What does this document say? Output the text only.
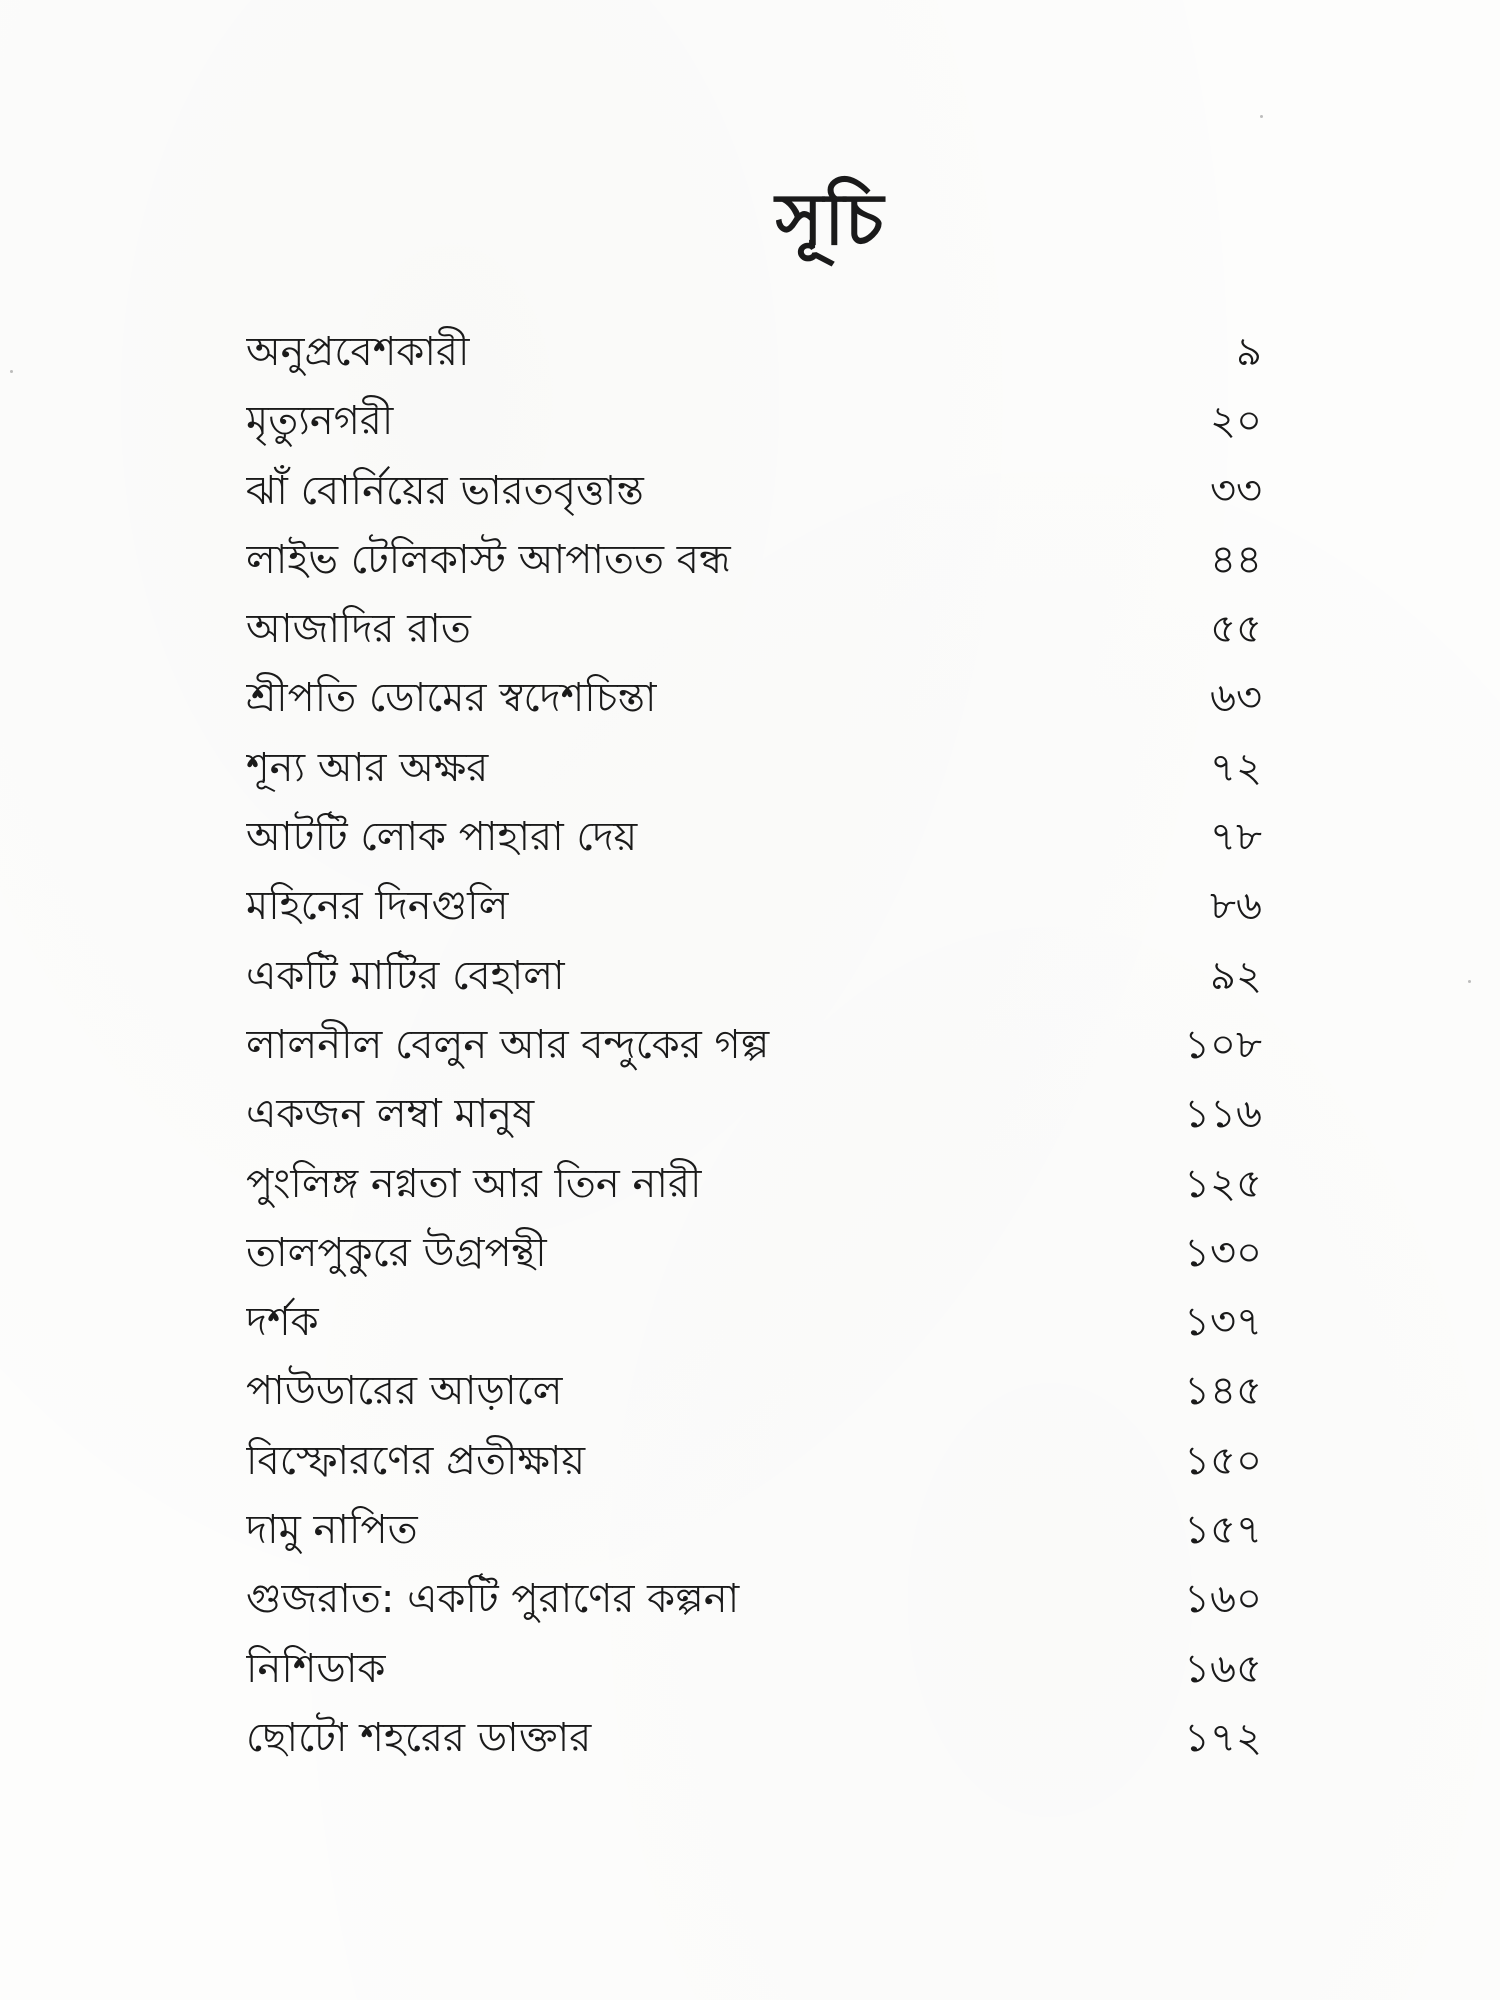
সূচি
অনুপ্রবেশকারী	৯
মৃত্যুনগরী	২০
ঝাঁ বোর্নিয়ের ভারতবৃত্তান্ত	৩৩
লাইভ টেলিকাস্ট আপাতত বন্ধ	৪৪
আজাদির রাত	৫৫
শ্রীপতি ডোমের স্বদেশচিন্তা	৬৩
শূন্য আর অক্ষর	৭২
আটটি লোক পাহারা দেয়	৭৮
মহিনের দিনগুলি	৮৬
একটি মাটির বেহালা	৯২
লালনীল বেলুন আর বন্দুকের গল্প	১০৮
একজন লম্বা মানুষ	১১৬
পুংলিঙ্গ নগ্নতা আর তিন নারী	১২৫
তালপুকুরে উগ্রপন্থী	১৩০
দর্শক	১৩৭
পাউডারের আড়ালে	১৪৫
বিস্ফোরণের প্রতীক্ষায়	১৫০
দামু নাপিত	১৫৭
গুজরাত: একটি পুরাণের কল্পনা	১৬০
নিশিডাক	১৬৫
ছোটো শহরের ডাক্তার	১৭২
